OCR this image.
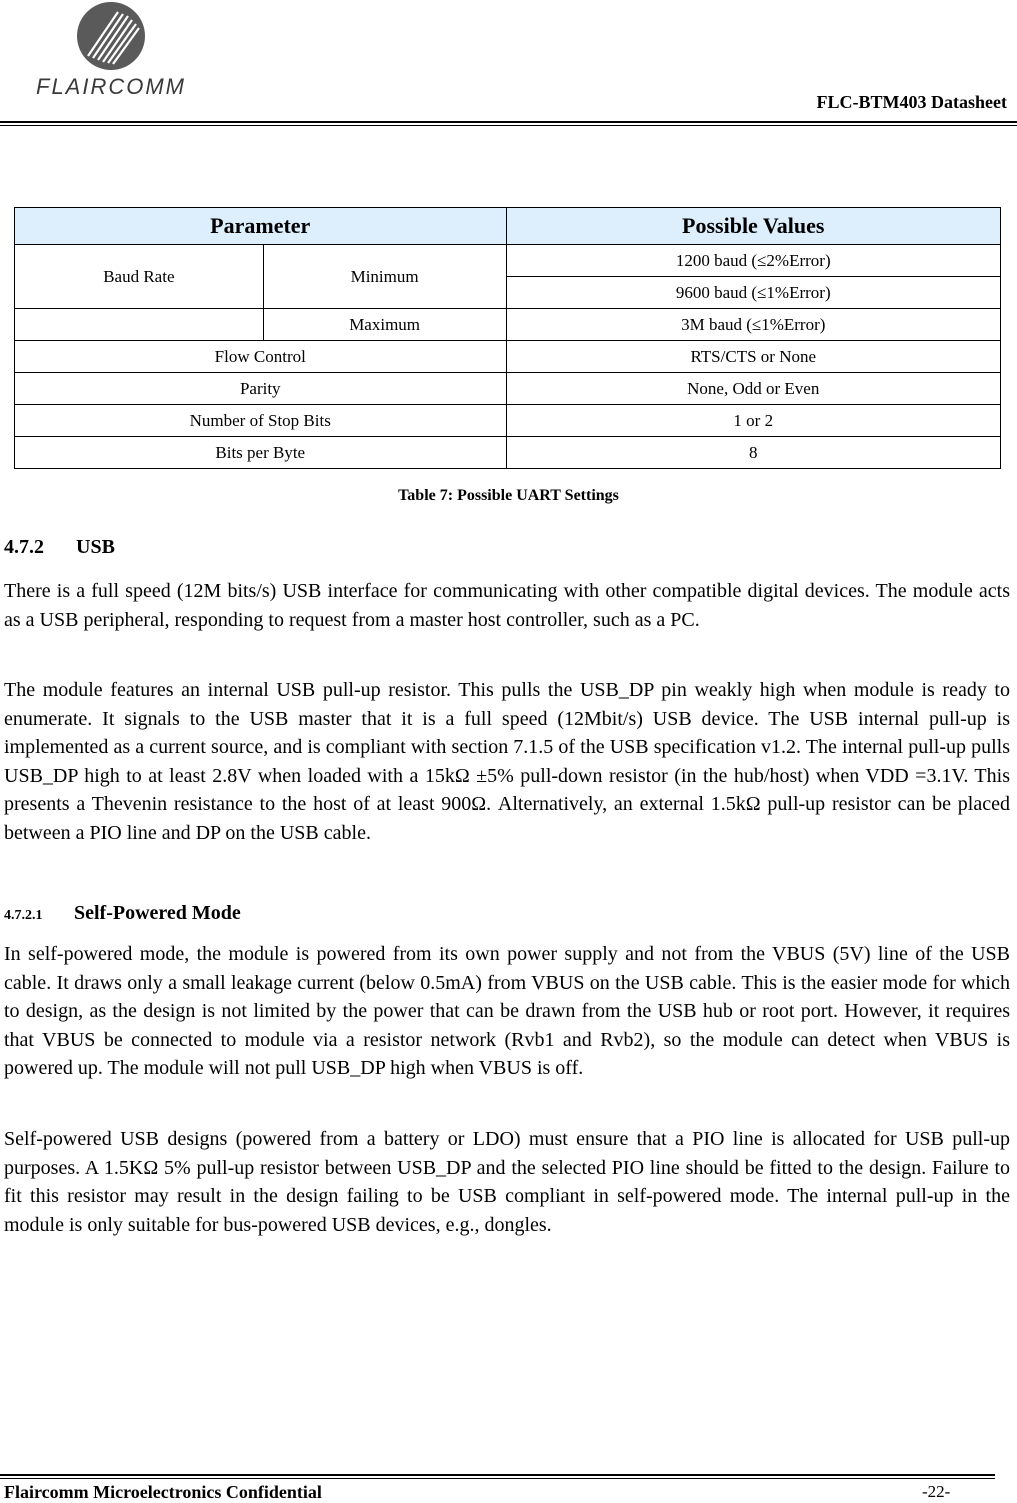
FLAIRCOMM
FLC-BTM403 Datasheet
Parameter		Possible Values
Baud Rate	Minimum	1200 baud (≤2%Error)
		9600 baud (≤1%Error)
	Maximum	3M baud (≤1%Error)
Flow Control		RTS/CTS or None
Parity		None, Odd or Even
Number of Stop Bits		1 or 2
Bits per Byte		8
Table 7: Possible UART Settings
4.7.2 USB

There is a full speed (12M bits/s) USB interface for communicating with other compatible digital devices. The module acts as a USB peripheral, responding to request from a master host controller, such as a PC.

The module features an internal USB pull-up resistor. This pulls the USB_DP pin weakly high when module is ready to enumerate. It signals to the USB master that it is a full speed (12Mbit/s) USB device. The USB internal pull-up is implemented as a current source, and is compliant with section 7.1.5 of the USB specification v1.2. The internal pull-up pulls USB_DP high to at least 2.8V when loaded with a 15kΩ ±5% pull-down resistor (in the hub/host) when VDD =3.1V. This presents a Thevenin resistance to the host of at least 900Ω. Alternatively, an external 1.5kΩ pull-up resistor can be placed between a PIO line and DP on the USB cable.

4.7.2.1 Self-Powered Mode

In self-powered mode, the module is powered from its own power supply and not from the VBUS (5V) line of the USB cable. It draws only a small leakage current (below 0.5mA) from VBUS on the USB cable. This is the easier mode for which to design, as the design is not limited by the power that can be drawn from the USB hub or root port. However, it requires that VBUS be connected to module via a resistor network (Rvb1 and Rvb2), so the module can detect when VBUS is powered up. The module will not pull USB_DP high when VBUS is off.

Self-powered USB designs (powered from a battery or LDO) must ensure that a PIO line is allocated for USB pull-up purposes. A 1.5KΩ 5% pull-up resistor between USB_DP and the selected PIO line should be fitted to the design. Failure to fit this resistor may result in the design failing to be USB compliant in self-powered mode. The internal pull-up in the module is only suitable for bus-powered USB devices, e.g., dongles.

Flaircomm Microelectronics Confidential	-22-
